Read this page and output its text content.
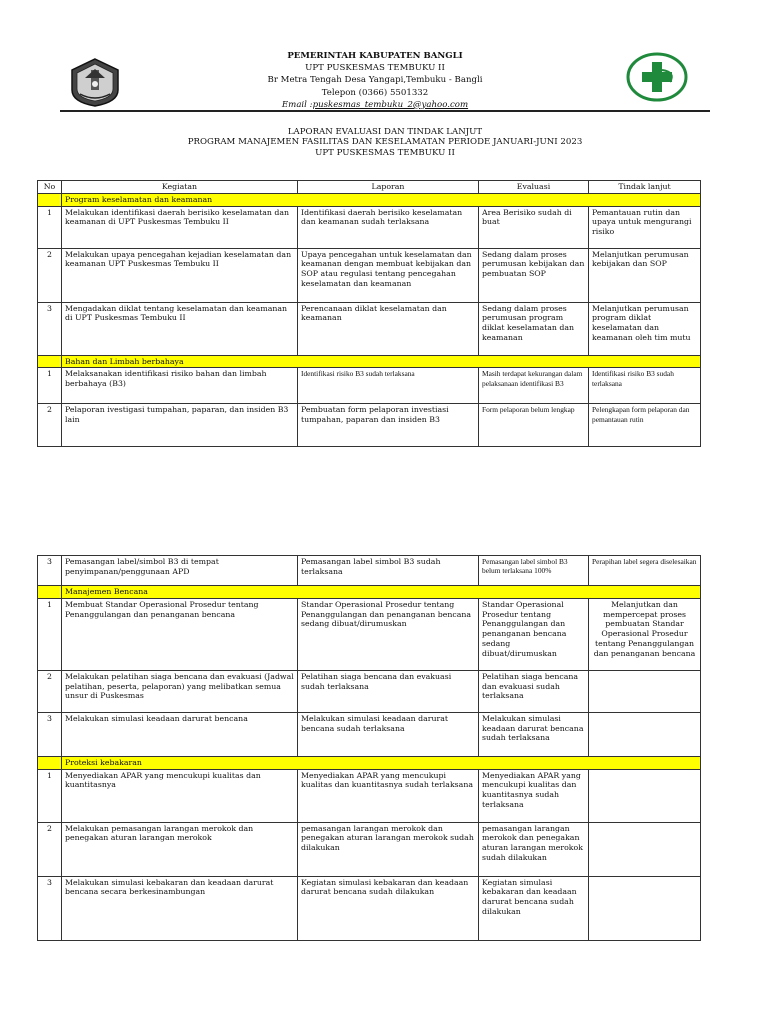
PEMERINTAH KABUPATEN BANGLI
UPT PUSKESMAS TEMBUKU II
Br Metra Tengah Desa Yangapi,Tembuku - Bangli
Telepon (0366) 5501332
Email :puskesmas_tembuku_2@yahoo.com
LAPORAN EVALUASI DAN TINDAK LANJUT
PROGRAM MANAJEMEN FASILITAS DAN KESELAMATAN PERIODE JANUARI-JUNI 2023
UPT PUSKESMAS TEMBUKU II
No	Kegiatan	Laporan	Evaluasi	Tindak lanjut
	Program keselamatan dan keamanan			
1	Melakukan identifikasi daerah berisiko keselamatan dan keamanan di UPT Puskesmas Tembuku II	Identifikasi daerah berisiko keselamatan dan keamanan sudah terlaksana	Area Berisiko sudah di buat	Pemantauan rutin dan upaya untuk mengurangi risiko
2	Melakukan upaya pencegahan kejadian keselamatan dan keamanan UPT Puskesmas Tembuku II	Upaya pencegahan untuk keselamatan dan keamanan dengan membuat kebijakan dan SOP atau regulasi tentang pencegahan keselamatan dan keamanan	Sedang dalam proses perumusan kebijakan dan pembuatan SOP	Melanjutkan perumusan kebijakan dan SOP
3	Mengadakan diklat tentang keselamatan dan keamanan di UPT Puskesmas Tembuku II	Perencanaan diklat keselamatan dan keamanan	Sedang dalam proses perumusan program diklat keselamatan dan keamanan	Melanjutkan perumusan program diklat keselamatan dan keamanan oleh tim mutu
	Bahan dan Limbah berbahaya			
1	Melaksanakan identifikasi risiko bahan dan limbah berbahaya (B3)	Identifikasi risiko B3 sudah terlaksana	Masih terdapat kekurangan dalam pelaksanaan identifikasi B3	Identifikasi risiko B3 sudah terlaksana
2	Pelaporan ivestigasi tumpahan, paparan, dan insiden B3 lain	Pembuatan form pelaporan investiasi tumpahan, paparan dan insiden B3	Form pelaporan belum lengkap	Pelengkapan form pelaporan dan pemantauan rutin
3	Pemasangan label/simbol B3 di tempat penyimpanan/penggunaan APD	Pemasangan label simbol B3 sudah terlaksana	Pemasangan label simbol B3 belum terlaksana 100%	Perapihan label segera diselesaikan
	Manajemen Bencana			
1	Membuat Standar Operasional Prosedur tentang Penanggulangan dan penanganan bencana	Standar Operasional Prosedur tentang Penanggulangan dan penanganan bencana sedang dibuat/dirumuskan	Standar Operasional Prosedur tentang Penanggulangan dan penanganan bencana sedang dibuat/dirumuskan	Melanjutkan dan mempercepat proses pembuatan Standar Operasional Prosedur tentang Penanggulangan dan penanganan bencana
2	Melakukan pelatihan siaga bencana dan evakuasi (Jadwal pelatihan, peserta, pelaporan) yang melibatkan semua unsur di Puskesmas	Pelatihan siaga bencana dan evakuasi sudah terlaksana	Pelatihan siaga bencana dan evakuasi sudah terlaksana	
3	Melakukan simulasi keadaan darurat bencana	Melakukan simulasi keadaan darurat bencana sudah terlaksana	Melakukan simulasi keadaan darurat bencana sudah terlaksana	
	Proteksi kebakaran			
1	Menyediakan APAR yang mencukupi kualitas dan kuantitasnya	Menyediakan APAR yang mencukupi kualitas dan kuantitasnya sudah terlaksana	Menyediakan APAR yang mencukupi kualitas dan kuantitasnya sudah terlaksana	
2	Melakukan pemasangan larangan merokok dan penegakan aturan larangan merokok	pemasangan larangan merokok dan penegakan aturan larangan merokok sudah dilakukan	pemasangan larangan merokok dan penegakan aturan larangan merokok sudah dilakukan	
3	Melakukan simulasi kebakaran dan keadaan darurat bencana secara berkesinambungan	Kegiatan simulasi kebakaran dan keadaan darurat bencana sudah dilakukan	Kegiatan simulasi kebakaran dan keadaan darurat bencana sudah dilakukan	
